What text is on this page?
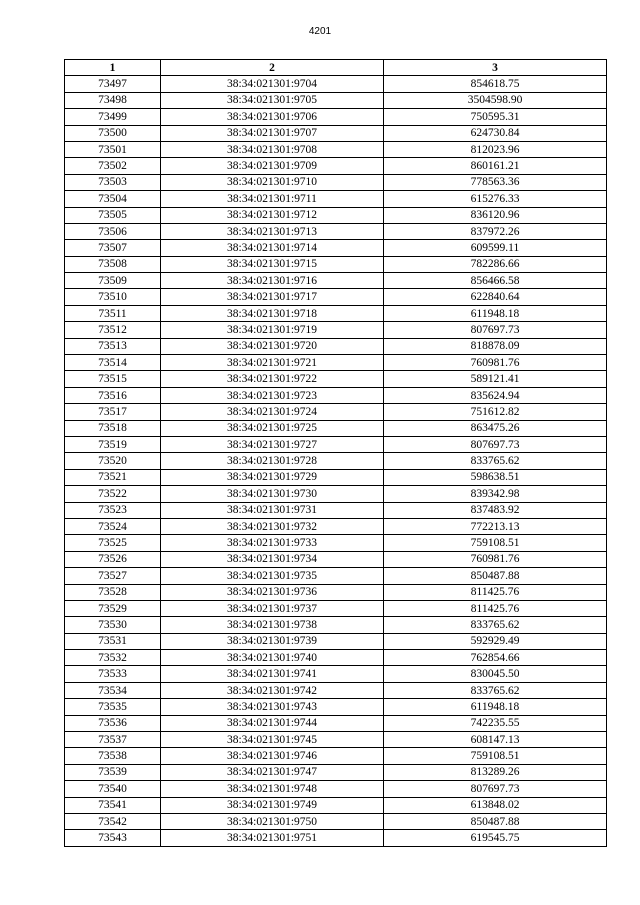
4201
1	2	3
73497	38:34:021301:9704	854618.75
73498	38:34:021301:9705	3504598.90
73499	38:34:021301:9706	750595.31
73500	38:34:021301:9707	624730.84
73501	38:34:021301:9708	812023.96
73502	38:34:021301:9709	860161.21
73503	38:34:021301:9710	778563.36
73504	38:34:021301:9711	615276.33
73505	38:34:021301:9712	836120.96
73506	38:34:021301:9713	837972.26
73507	38:34:021301:9714	609599.11
73508	38:34:021301:9715	782286.66
73509	38:34:021301:9716	856466.58
73510	38:34:021301:9717	622840.64
73511	38:34:021301:9718	611948.18
73512	38:34:021301:9719	807697.73
73513	38:34:021301:9720	818878.09
73514	38:34:021301:9721	760981.76
73515	38:34:021301:9722	589121.41
73516	38:34:021301:9723	835624.94
73517	38:34:021301:9724	751612.82
73518	38:34:021301:9725	863475.26
73519	38:34:021301:9727	807697.73
73520	38:34:021301:9728	833765.62
73521	38:34:021301:9729	598638.51
73522	38:34:021301:9730	839342.98
73523	38:34:021301:9731	837483.92
73524	38:34:021301:9732	772213.13
73525	38:34:021301:9733	759108.51
73526	38:34:021301:9734	760981.76
73527	38:34:021301:9735	850487.88
73528	38:34:021301:9736	811425.76
73529	38:34:021301:9737	811425.76
73530	38:34:021301:9738	833765.62
73531	38:34:021301:9739	592929.49
73532	38:34:021301:9740	762854.66
73533	38:34:021301:9741	830045.50
73534	38:34:021301:9742	833765.62
73535	38:34:021301:9743	611948.18
73536	38:34:021301:9744	742235.55
73537	38:34:021301:9745	608147.13
73538	38:34:021301:9746	759108.51
73539	38:34:021301:9747	813289.26
73540	38:34:021301:9748	807697.73
73541	38:34:021301:9749	613848.02
73542	38:34:021301:9750	850487.88
73543	38:34:021301:9751	619545.75
